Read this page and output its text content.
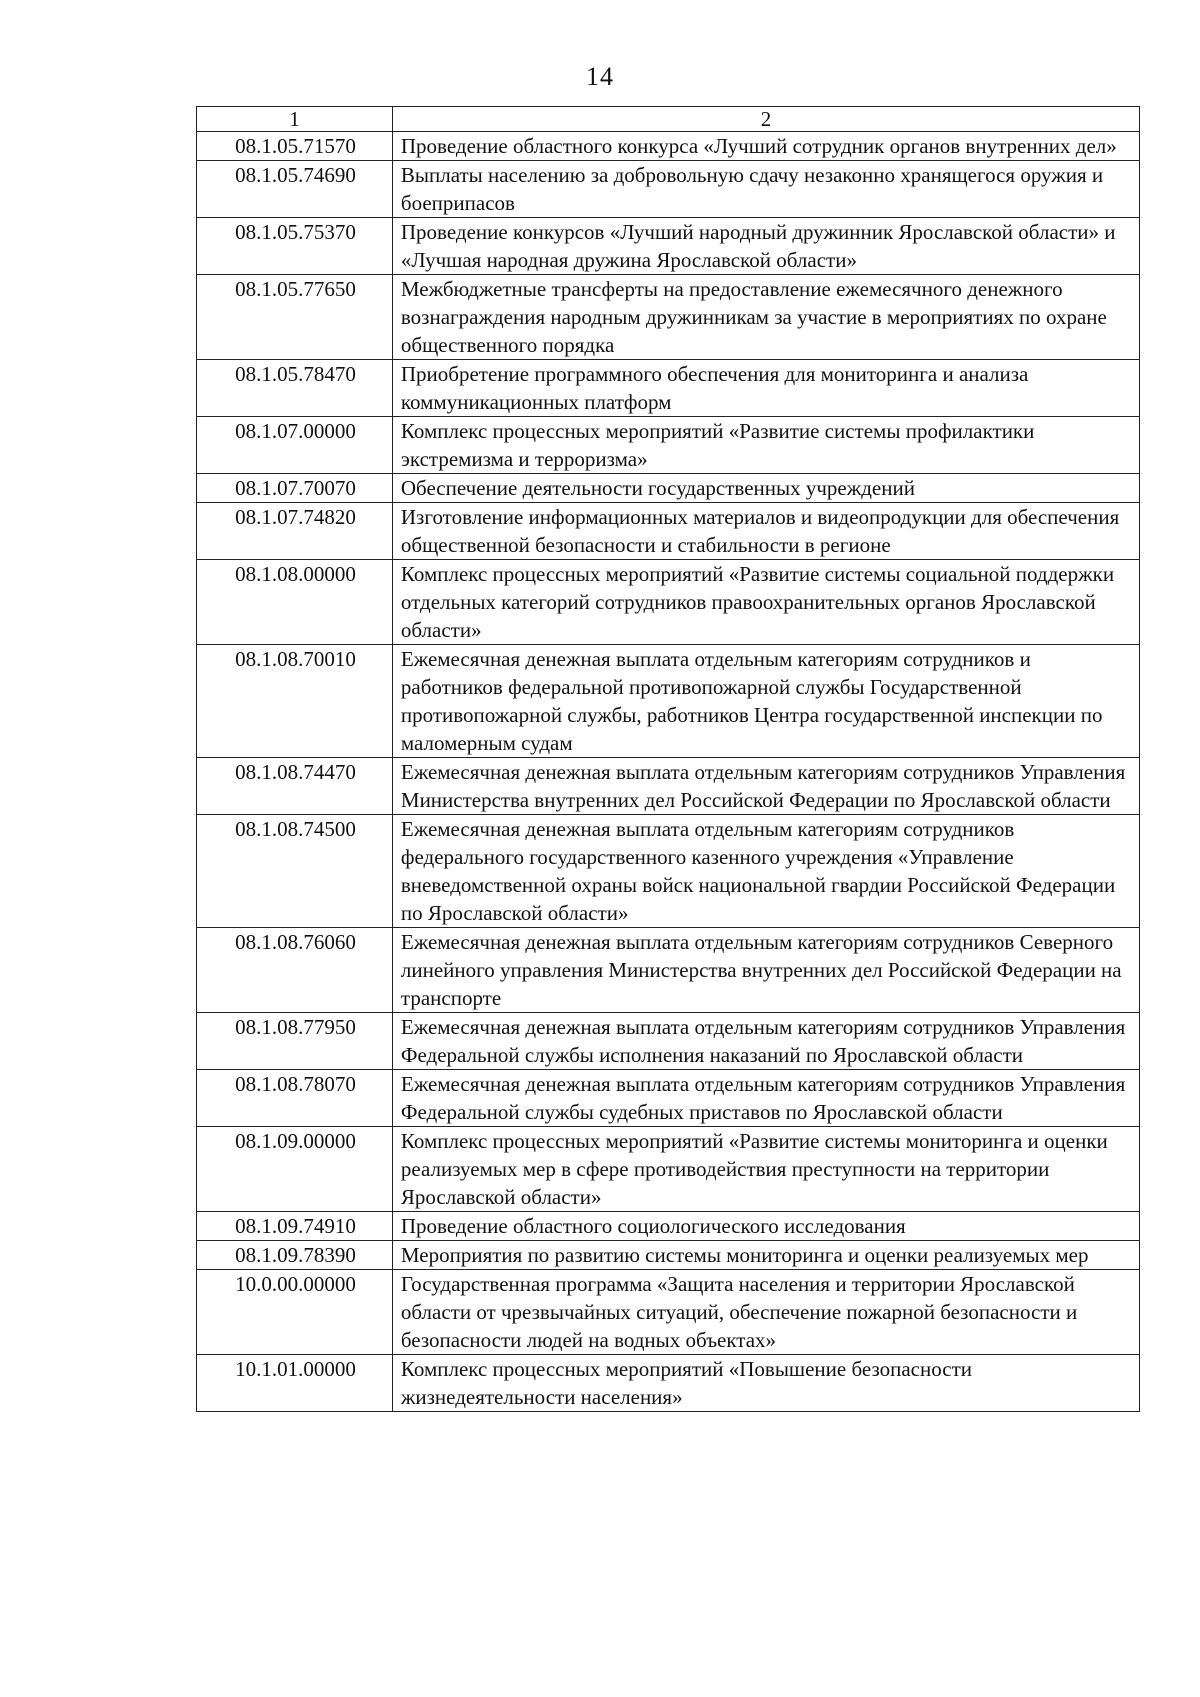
14
1	2
08.1.05.71570	Проведение областного конкурса «Лучший сотрудник органов внутренних дел»
08.1.05.74690	Выплаты населению за добровольную сдачу незаконно хранящегося оружия и боеприпасов
08.1.05.75370	Проведение конкурсов «Лучший народный дружинник Ярославской области» и «Лучшая народная дружина Ярославской области»
08.1.05.77650	Межбюджетные трансферты на предоставление ежемесячного денежного вознаграждения народным дружинникам за участие в мероприятиях по охране общественного порядка
08.1.05.78470	Приобретение программного обеспечения для мониторинга и анализа коммуникационных платформ
08.1.07.00000	Комплекс процессных мероприятий «Развитие системы профилактики экстремизма и терроризма»
08.1.07.70070	Обеспечение деятельности государственных учреждений
08.1.07.74820	Изготовление информационных материалов и видеопродукции для обеспечения общественной безопасности и стабильности в регионе
08.1.08.00000	Комплекс процессных мероприятий «Развитие системы социальной поддержки отдельных категорий сотрудников правоохранительных органов Ярославской области»
08.1.08.70010	Ежемесячная денежная выплата отдельным категориям сотрудников и работников федеральной противопожарной службы Государственной противопожарной службы, работников Центра государственной инспекции по маломерным судам
08.1.08.74470	Ежемесячная денежная выплата отдельным категориям сотрудников Управления Министерства внутренних дел Российской Федерации по Ярославской области
08.1.08.74500	Ежемесячная денежная выплата отдельным категориям сотрудников федерального государственного казенного учреждения «Управление вневедомственной охраны войск национальной гвардии Российской Федерации по Ярославской области»
08.1.08.76060	Ежемесячная денежная выплата отдельным категориям сотрудников Северного линейного управления Министерства внутренних дел Российской Федерации на транспорте
08.1.08.77950	Ежемесячная денежная выплата отдельным категориям сотрудников Управления Федеральной службы исполнения наказаний по Ярославской области
08.1.08.78070	Ежемесячная денежная выплата отдельным категориям сотрудников Управления Федеральной службы судебных приставов по Ярославской области
08.1.09.00000	Комплекс процессных мероприятий «Развитие системы мониторинга и оценки реализуемых мер в сфере противодействия преступности на территории Ярославской области»
08.1.09.74910	Проведение областного социологического исследования
08.1.09.78390	Мероприятия по развитию системы мониторинга и оценки реализуемых мер
10.0.00.00000	Государственная программа «Защита населения и территории Ярославской области от чрезвычайных ситуаций, обеспечение пожарной безопасности и безопасности людей на водных объектах»
10.1.01.00000	Комплекс процессных мероприятий «Повышение безопасности жизнедеятельности населения»
